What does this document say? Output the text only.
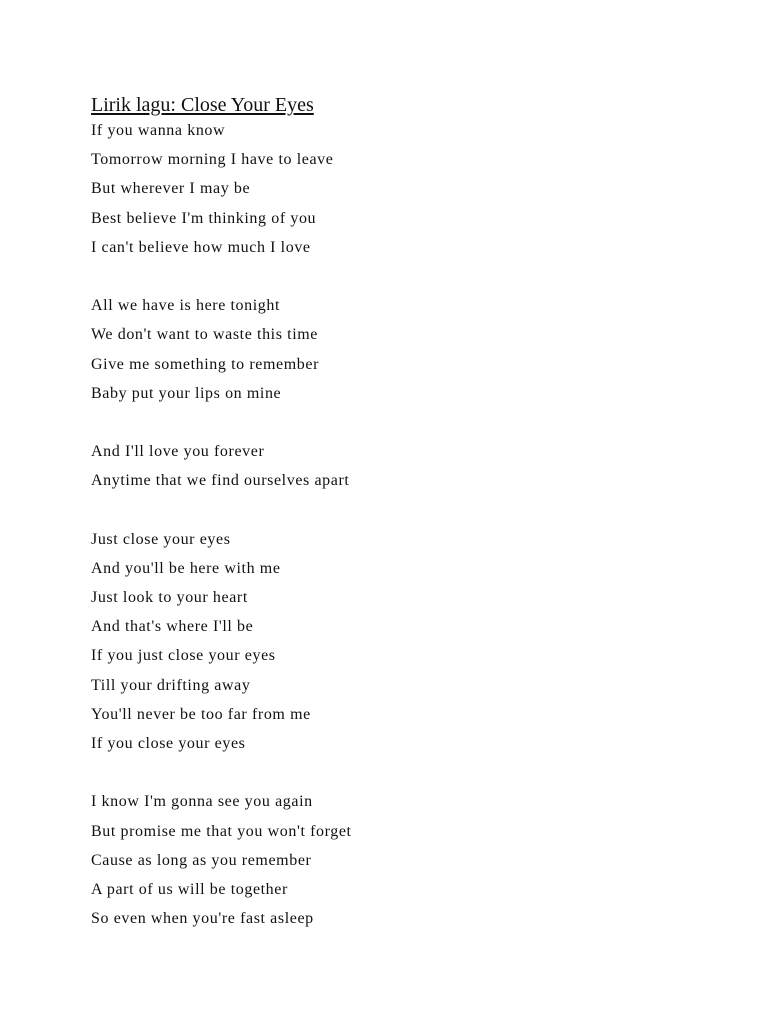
Lirik lagu: Close Your Eyes
If you wanna know
Tomorrow morning I have to leave
But wherever I may be
Best believe I'm thinking of you
I can't believe how much I love
All we have is here tonight
We don't want to waste this time
Give me something to remember
Baby put your lips on mine
And I'll love you forever
Anytime that we find ourselves apart
Just close your eyes
And you'll be here with me
Just look to your heart
And that's where I'll be
If you just close your eyes
Till your drifting away
You'll never be too far from me
If you close your eyes
I know I'm gonna see you again
But promise me that you won't forget
Cause as long as you remember
A part of us will be together
So even when you're fast asleep
